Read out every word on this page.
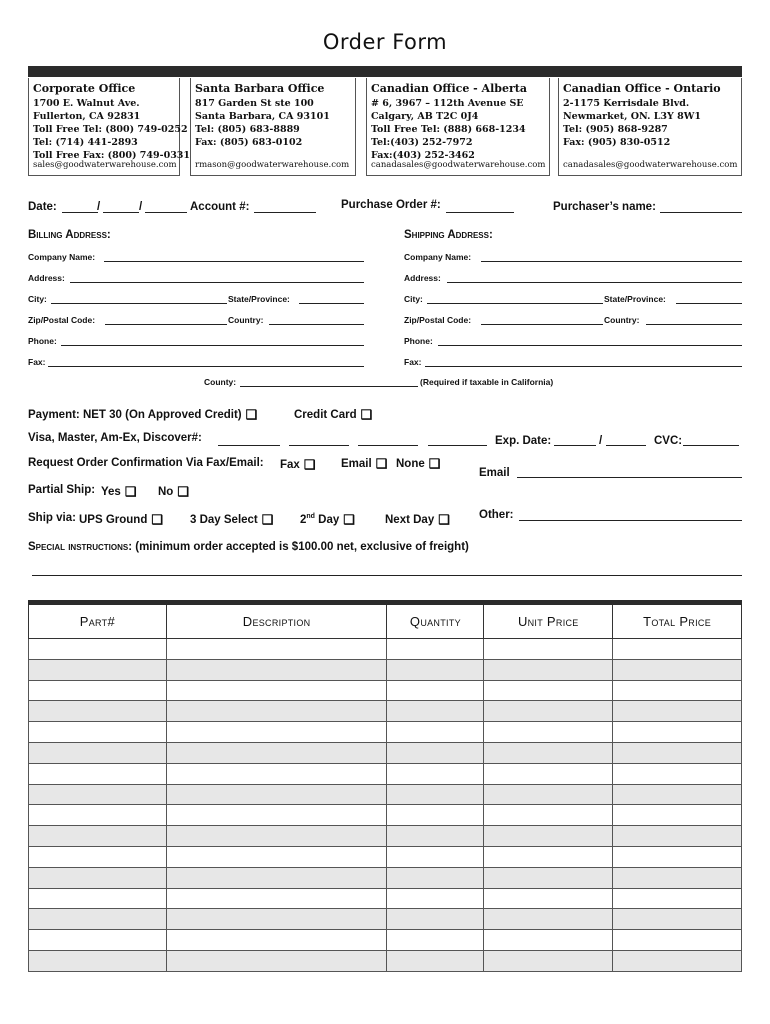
Order Form
Corporate Office
1700 E. Walnut Ave.
Fullerton, CA 92831
Toll Free Tel: (800) 749-0252
Tel: (714) 441-2893
Toll Free Fax: (800) 749-0331
sales@goodwaterwarehouse.com
Santa Barbara Office
817 Garden St ste 100
Santa Barbara, CA 93101
Tel: (805) 683-8889
Fax: (805) 683-0102
rmason@goodwaterwarehouse.com
Canadian Office - Alberta
# 6, 3967 – 112th Avenue SE
Calgary, AB T2C 0J4
Toll Free Tel: (888) 668-1234
Tel:(403) 252-7972
Fax:(403) 252-3462
canadasales@goodwaterwarehouse.com
Canadian Office - Ontario
2-1175 Kerrisdale Blvd.
Newmarket, ON. L3Y 8W1
Tel: (905) 868-9287
Fax: (905) 830-0512
canadasales@goodwaterwarehouse.com
Date:	/	/	Account #:	Purchase Order #:	Purchaser’s name:
Billing Address:
Company Name:
Address:
City:	State/Province:
Zip/Postal Code:	Country:
Phone:
Fax:
Shipping Address:
Company Name:
Address:
City:	State/Province:
Zip/Postal Code:	Country:
Phone:
Fax:
County:	(Required if taxable in California)
Payment: NET 30 (On Approved Credit) ❑	Credit Card ❑
Visa, Master, Am-Ex, Discover#:	Exp. Date:	/	CVC:
Request Order Confirmation Via Fax/Email: Fax ❑ Email ❑ None ❑
Email
Partial Ship: Yes ❑ No ❑
Ship via: UPS Ground ❑ 3 Day Select ❑ 2nd Day ❑	Next Day ❑	Other:
Special instructions: (minimum order accepted is $100.00 net, exclusive of freight)
Part#	Description	Quantity	Unit Price	Total Price
